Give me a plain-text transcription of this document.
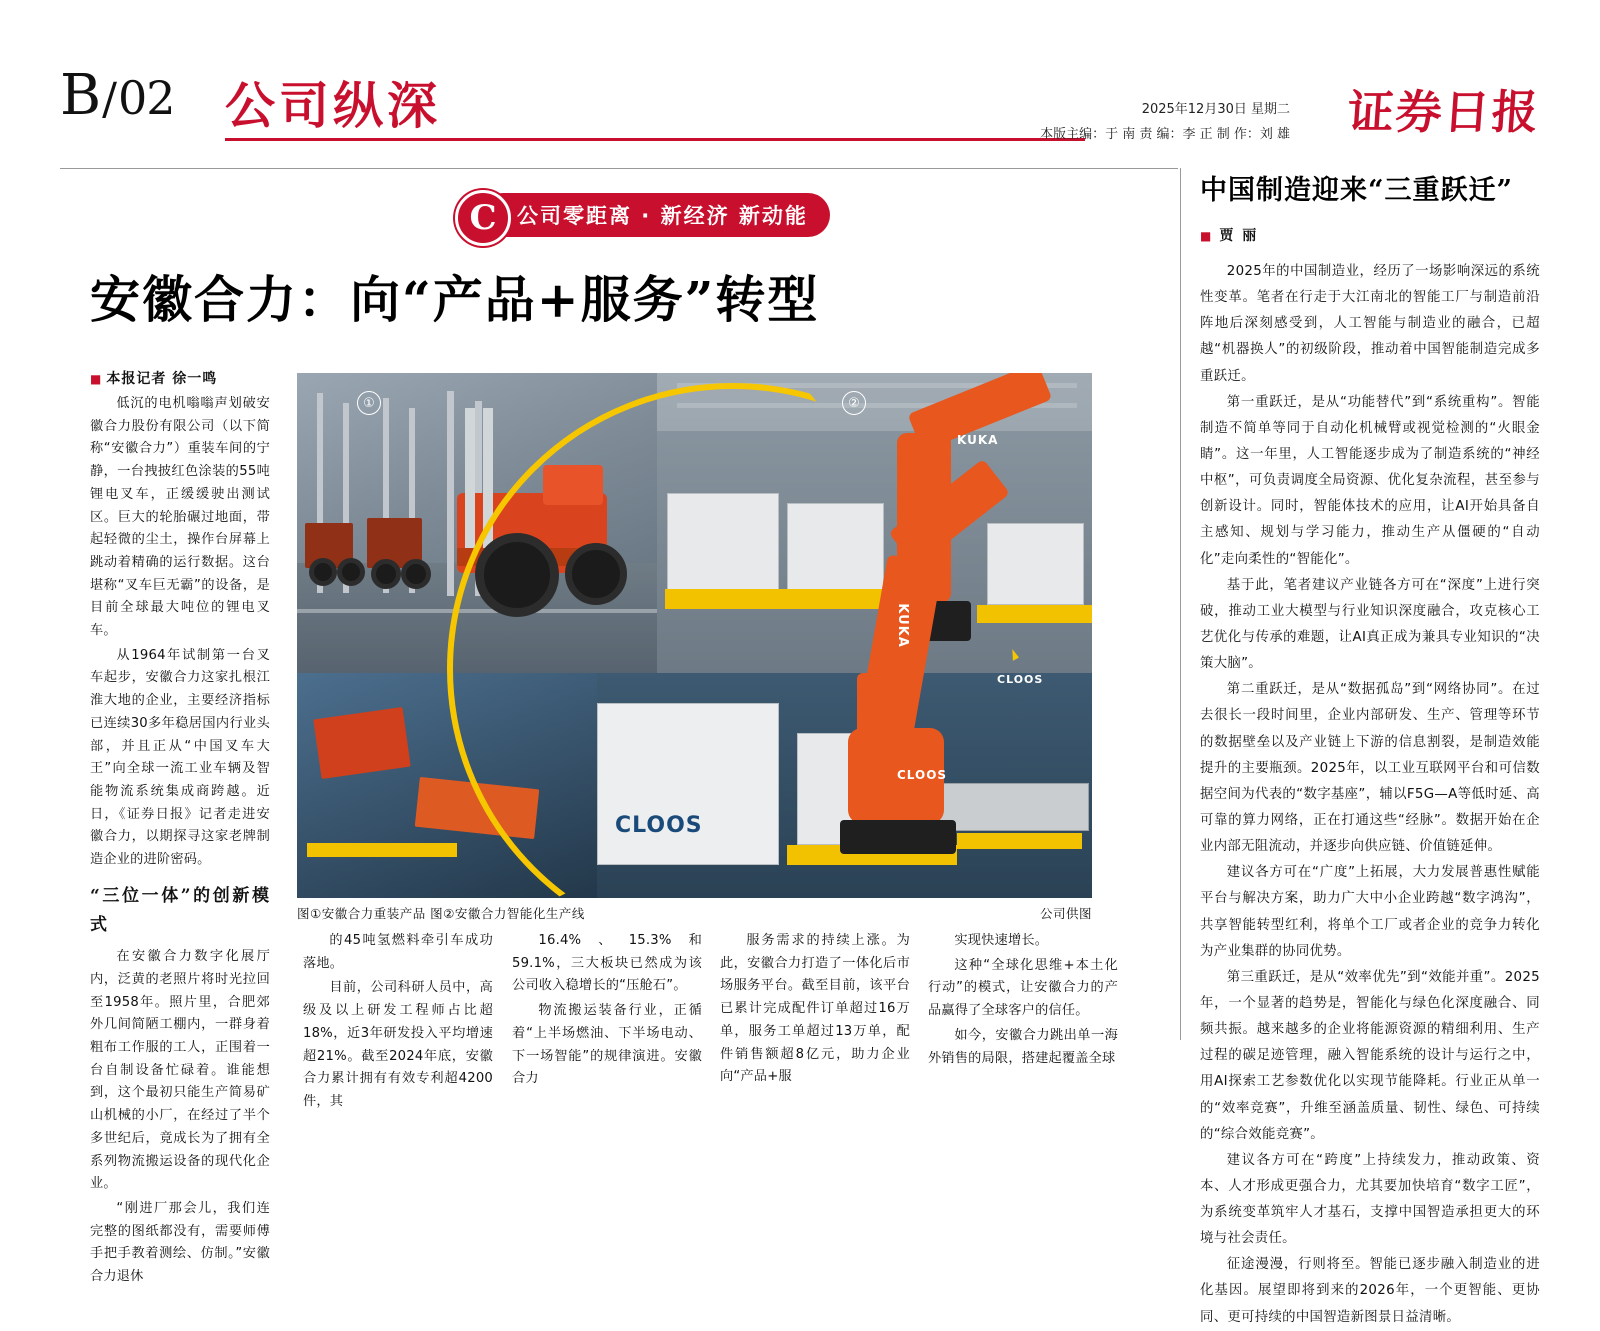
B/02 公司纵深	2025年12月30日 星期二
本版主编：于 南 责 编：李 正 制 作：刘 雄 证券日报
公司零距离 · 新经济 新动能
C
安徽合力：向“产品+服务”转型
■ 本报记者 徐一鸣

低沉的电机嗡嗡声划破安徽合力股份有限公司（以下简称“安徽合力”）重装车间的宁静，一台拽披红色涂装的55吨锂电叉车，正缓缓驶出测试区。巨大的轮胎碾过地面，带起轻微的尘土，操作台屏幕上跳动着精确的运行数据。这台堪称“叉车巨无霸”的设备，是目前全球最大吨位的锂电叉车。

从1964年试制第一台叉车起步，安徽合力这家扎根江淮大地的企业，主要经济指标已连续30多年稳居国内行业头部，并且正从“中国叉车大王”向全球一流工业车辆及智能物流系统集成商跨越。近日，《证券日报》记者走进安徽合力，以期探寻这家老牌制造企业的进阶密码。

“三位一体”的创新模式

在安徽合力数字化展厅内，泛黄的老照片将时光拉回至1958年。照片里，合肥郊外几间简陋工棚内，一群身着粗布工作服的工人，正围着一台自制设备忙碌着。谁能想到，这个最初只能生产简易矿山机械的小厂，在经过了半个多世纪后，竟成长为了拥有全系列物流搬运设备的现代化企业。

“刚进厂那会儿，我们连完整的图纸都没有，需要师傅手把手教着测绘、仿制。”安徽合力退休

KUKA
CLOOS
KUKA
CLOOS
CLOOS
①	②
公司供图
图①安徽合力重装产品 图②安徽合力智能化生产线

的45吨氢燃料牵引车成功落地。

目前，公司科研人员中，高级及以上研发工程师占比超18%，近3年研发投入平均增速超21%。截至2024年底，安徽合力累计拥有有效专利超4200件，其

16.4%、15.3%和59.1%，三大板块已然成为该公司收入稳增长的“压舱石”。

物流搬运装备行业，正循着“上半场燃油、下半场电动、下一场智能”的规律演进。安徽合力

服务需求的持续上涨。为此，安徽合力打造了一体化后市场服务平台。截至目前，该平台已累计完成配件订单超过16万单，服务工单超过13万单，配件销售额超8亿元，助力企业向“产品+服

实现快速增长。

这种“全球化思维+本土化行动”的模式，让安徽合力的产品赢得了全球客户的信任。

如今，安徽合力跳出单一海外销售的局限，搭建起覆盖全球

中国制造迎来“三重跃迁”
■ 贾 丽

2025年的中国制造业，经历了一场影响深远的系统性变革。笔者在行走于大江南北的智能工厂与制造前沿阵地后深刻感受到，人工智能与制造业的融合，已超越“机器换人”的初级阶段，推动着中国智能制造完成多重跃迁。

第一重跃迁，是从“功能替代”到“系统重构”。智能制造不简单等同于自动化机械臂或视觉检测的“火眼金睛”。这一年里，人工智能逐步成为了制造系统的“神经中枢”，可负责调度全局资源、优化复杂流程，甚至参与创新设计。同时，智能体技术的应用，让AI开始具备自主感知、规划与学习能力，推动生产从僵硬的“自动化”走向柔性的“智能化”。

基于此，笔者建议产业链各方可在“深度”上进行突破，推动工业大模型与行业知识深度融合，攻克核心工艺优化与传承的难题，让AI真正成为兼具专业知识的“决策大脑”。

第二重跃迁，是从“数据孤岛”到“网络协同”。在过去很长一段时间里，企业内部研发、生产、管理等环节的数据壁垒以及产业链上下游的信息割裂，是制造效能提升的主要瓶颈。2025年，以工业互联网平台和可信数据空间为代表的“数字基座”，辅以F5G—A等低时延、高可靠的算力网络，正在打通这些“经脉”。数据开始在企业内部无阻流动，并逐步向供应链、价值链延伸。

建议各方可在“广度”上拓展，大力发展普惠性赋能平台与解决方案，助力广大中小企业跨越“数字鸿沟”，共享智能转型红利，将单个工厂或者企业的竞争力转化为产业集群的协同优势。

第三重跃迁，是从“效率优先”到“效能并重”。2025年，一个显著的趋势是，智能化与绿色化深度融合、同频共振。越来越多的企业将能源资源的精细利用、生产过程的碳足迹管理，融入智能系统的设计与运行之中，用AI探索工艺参数优化以实现节能降耗。行业正从单一的“效率竞赛”，升维至涵盖质量、韧性、绿色、可持续的“综合效能竞赛”。

建议各方可在“跨度”上持续发力，推动政策、资本、人才形成更强合力，尤其要加快培育“数字工匠”，为系统变革筑牢人才基石，支撑中国智造承担更大的环境与社会责任。

征途漫漫，行则将至。智能已逐步融入制造业的进化基因。展望即将到来的2026年，一个更智能、更协同、更可持续的中国智造新图景日益清晰。
